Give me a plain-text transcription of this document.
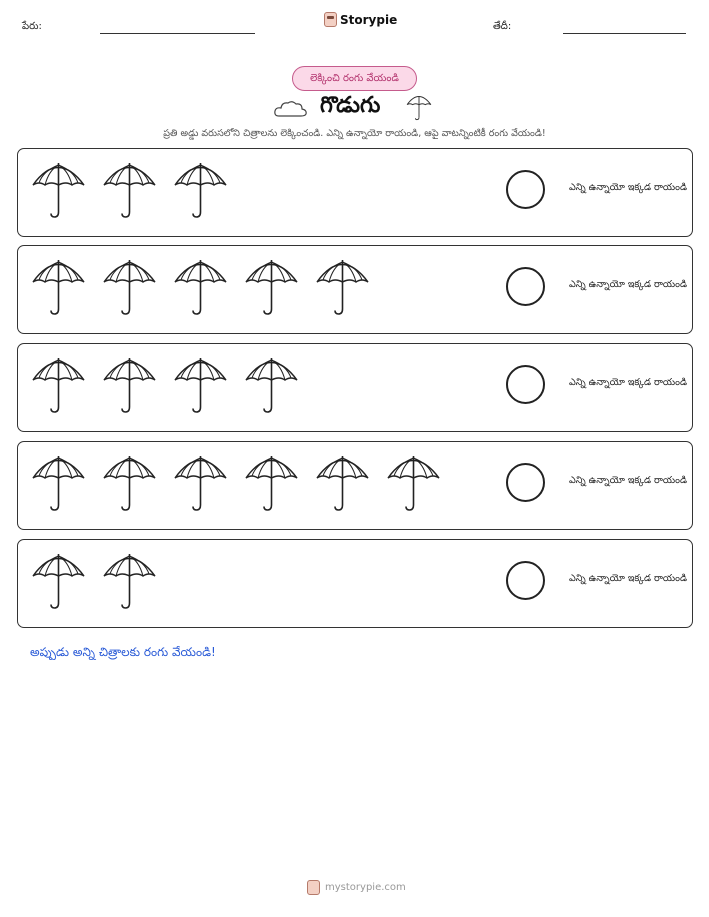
పేరు:	Storypie	తేదీ:
లెక్కించి రంగు వేయండి
గొడుగు
ప్రతి అడ్డు వరుసలోని చిత్రాలను లెక్కించండి. ఎన్ని ఉన్నాయో రాయండి, ఆపై వాటన్నింటికీ రంగు వేయండి!
ఎన్ని ఉన్నాయో ఇక్కడ రాయండి
ఎన్ని ఉన్నాయో ఇక్కడ రాయండి
ఎన్ని ఉన్నాయో ఇక్కడ రాయండి
ఎన్ని ఉన్నాయో ఇక్కడ రాయండి
ఎన్ని ఉన్నాయో ఇక్కడ రాయండి
అప్పుడు అన్ని చిత్రాలకు రంగు వేయండి!
mystorypie.com
